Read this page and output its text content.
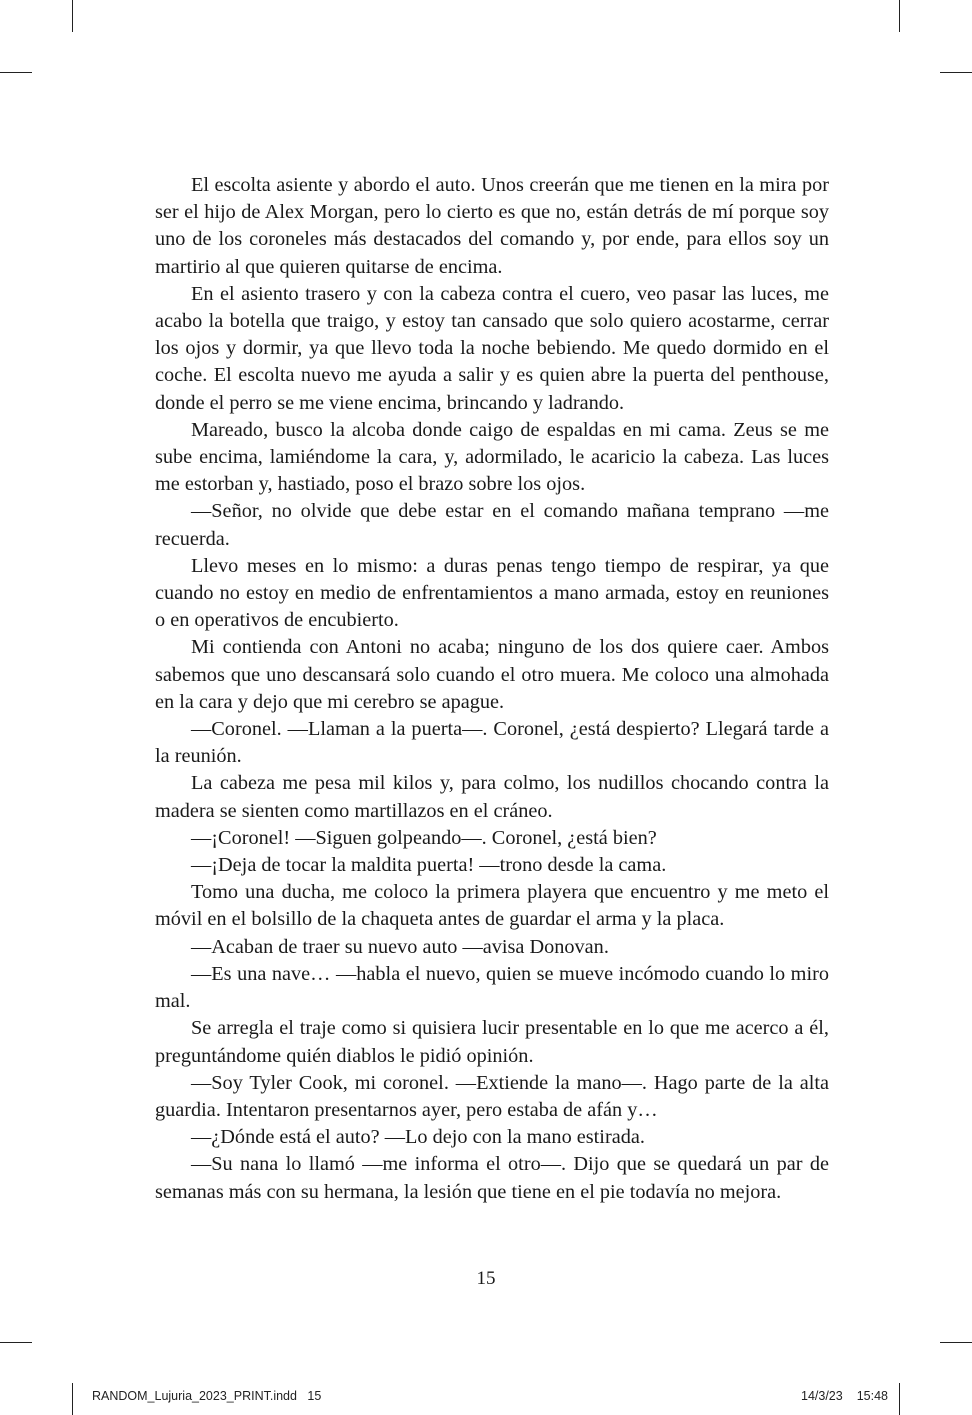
El escolta asiente y abordo el auto. Unos creerán que me tienen en la mira por ser el hijo de Alex Morgan, pero lo cierto es que no, están detrás de mí porque soy uno de los coroneles más destacados del comando y, por ende, para ellos soy un martirio al que quieren quitarse de encima.

En el asiento trasero y con la cabeza contra el cuero, veo pasar las luces, me acabo la botella que traigo, y estoy tan cansado que solo quiero acostarme, cerrar los ojos y dormir, ya que llevo toda la noche bebiendo. Me quedo dormido en el coche. El escolta nuevo me ayuda a salir y es quien abre la puerta del penthouse, donde el perro se me viene encima, brincando y ladrando.

Mareado, busco la alcoba donde caigo de espaldas en mi cama. Zeus se me sube encima, lamiéndome la cara, y, adormilado, le acaricio la cabeza. Las luces me estorban y, hastiado, poso el brazo sobre los ojos.

—Señor, no olvide que debe estar en el comando mañana temprano —me recuerda.

Llevo meses en lo mismo: a duras penas tengo tiempo de respirar, ya que cuando no estoy en medio de enfrentamientos a mano armada, estoy en reuniones o en operativos de encubierto.

Mi contienda con Antoni no acaba; ninguno de los dos quiere caer. Ambos sabemos que uno descansará solo cuando el otro muera. Me coloco una almohada en la cara y dejo que mi cerebro se apague.

—Coronel. —Llaman a la puerta—. Coronel, ¿está despierto? Llegará tarde a la reunión.

La cabeza me pesa mil kilos y, para colmo, los nudillos chocando contra la madera se sienten como martillazos en el cráneo.

—¡Coronel! —Siguen golpeando—. Coronel, ¿está bien?

—¡Deja de tocar la maldita puerta! —trono desde la cama.

Tomo una ducha, me coloco la primera playera que encuentro y me meto el móvil en el bolsillo de la chaqueta antes de guardar el arma y la placa.

—Acaban de traer su nuevo auto —avisa Donovan.

—Es una nave… —habla el nuevo, quien se mueve incómodo cuando lo miro mal.

Se arregla el traje como si quisiera lucir presentable en lo que me acerco a él, preguntándome quién diablos le pidió opinión.

—Soy Tyler Cook, mi coronel. —Extiende la mano—. Hago parte de la alta guardia. Intentaron presentarnos ayer, pero estaba de afán y…

—¿Dónde está el auto? —Lo dejo con la mano estirada.

—Su nana lo llamó —me informa el otro—. Dijo que se quedará un par de semanas más con su hermana, la lesión que tiene en el pie todavía no mejora.

15
RANDOM_Lujuria_2023_PRINT.indd   15	14/3/23 15:48
